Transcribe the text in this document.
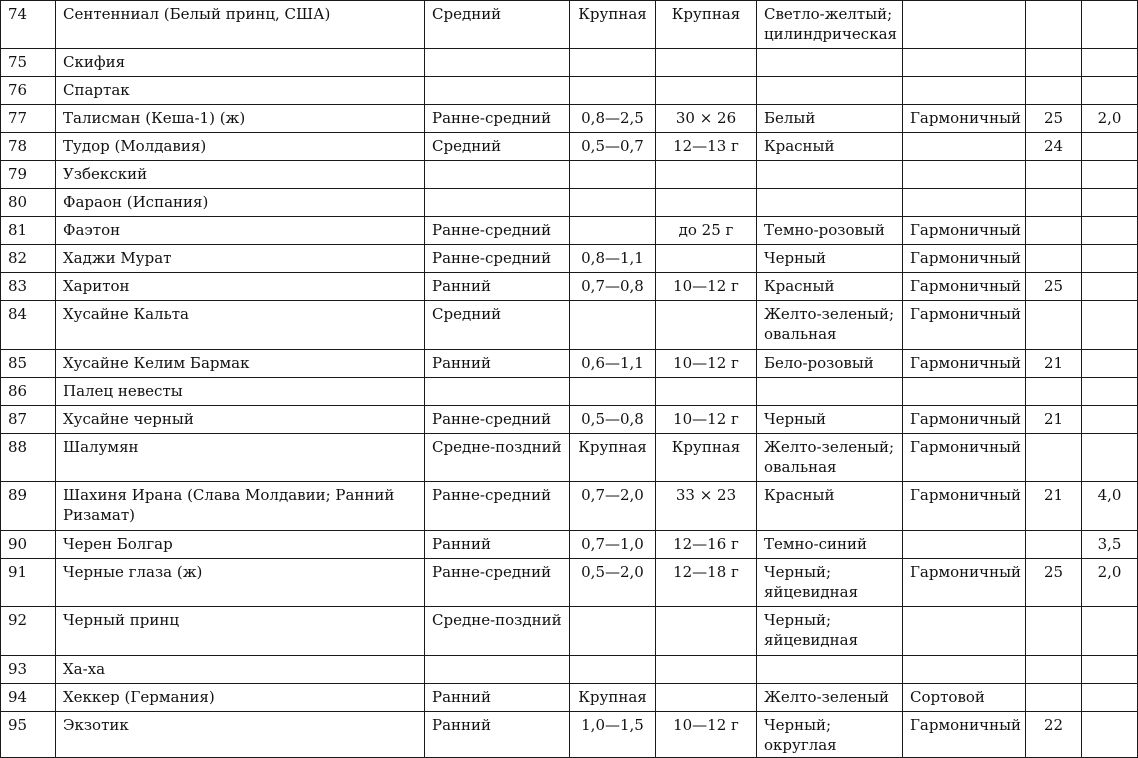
74	Сентенниал (Белый принц, США)	Средний	Крупная	Крупная	Светло-желтый; цилиндрическая			
75	Скифия							
76	Спартак							
77	Талисман (Кеша-1) (ж)	Ранне-средний	0,8—2,5	30 × 26	Белый	Гармоничный	25	2,0
78	Тудор (Молдавия)	Средний	0,5—0,7	12—13 г	Красный		24	
79	Узбекский							
80	Фараон (Испания)							
81	Фаэтон	Ранне-средний		до 25 г	Темно-розовый	Гармоничный		
82	Хаджи Мурат	Ранне-средний	0,8—1,1		Черный	Гармоничный		
83	Харитон	Ранний	0,7—0,8	10—12 г	Красный	Гармоничный	25	
84	Хусайне Кальта	Средний			Желто-зеленый; овальная	Гармоничный		
85	Хусайне Келим Бармак	Ранний	0,6—1,1	10—12 г	Бело-розовый	Гармоничный	21	
86	Палец невесты							
87	Хусайне черный	Ранне-средний	0,5—0,8	10—12 г	Черный	Гармоничный	21	
88	Шалумян	Средне-поздний	Крупная	Крупная	Желто-зеленый; овальная	Гармоничный		
89	Шахиня Ирана (Слава Молдавии; Ранний Ризамат)	Ранне-средний	0,7—2,0	33 × 23	Красный	Гармоничный	21	4,0
90	Черен Болгар	Ранний	0,7—1,0	12—16 г	Темно-синий			3,5
91	Черные глаза (ж)	Ранне-средний	0,5—2,0	12—18 г	Черный; яйцевидная	Гармоничный	25	2,0
92	Черный принц	Средне-поздний			Черный; яйцевидная			
93	Ха-ха							
94	Хеккер (Германия)	Ранний	Крупная		Желто-зеленый	Сортовой		
95	Экзотик	Ранний	1,0—1,5	10—12 г	Черный; округлая	Гармоничный	22	
